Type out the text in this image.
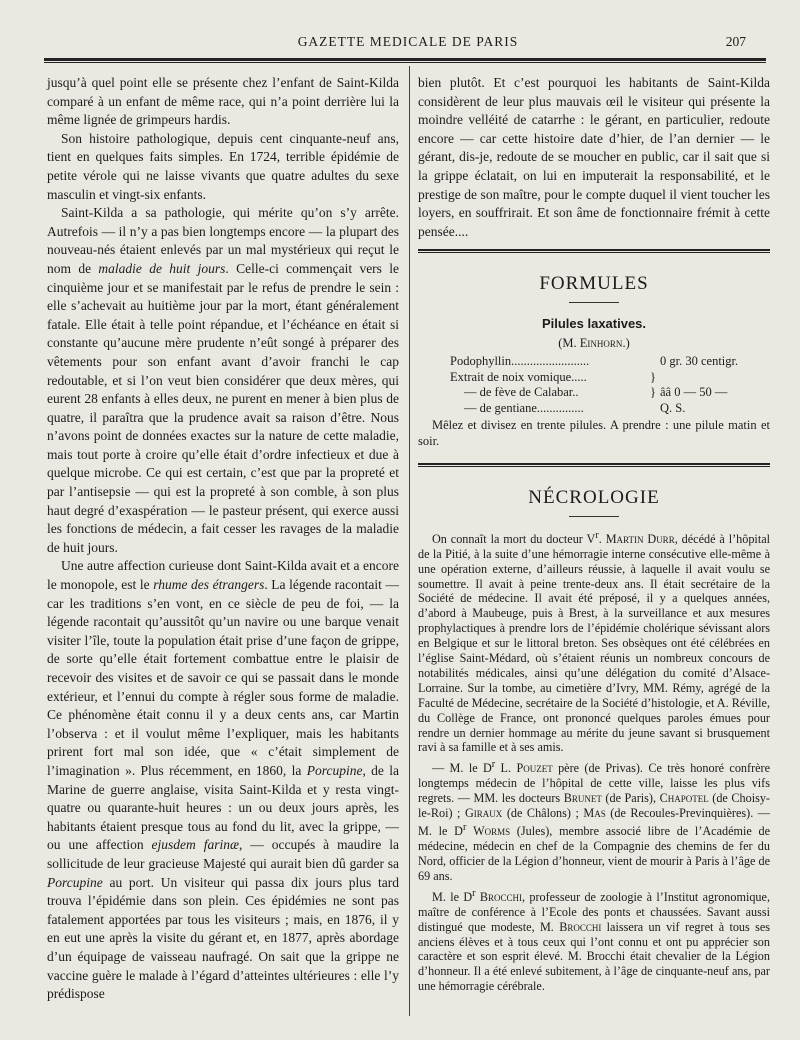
GAZETTE MEDICALE DE PARIS	207

jusqu’à quel point elle se présente chez l’enfant de Saint-Kilda comparé à un enfant de même race, qui n’a point derrière lui la même lignée de grimpeurs hardis.

Son histoire pathologique, depuis cent cinquante-neuf ans, tient en quelques faits simples. En 1724, terrible épidémie de petite vérole qui ne laisse vivants que quatre adultes du sexe masculin et vingt-six enfants.

Saint-Kilda a sa pathologie, qui mérite qu’on s’y arrête. Autrefois — il n’y a pas bien longtemps encore — la plupart des nouveau-nés étaient enlevés par un mal mystérieux qui reçut le nom de maladie de huit jours. Celle-ci commençait vers le cinquième jour et se manifestait par le refus de prendre le sein : elle s’achevait au huitième jour par la mort, étant généralement fatale. Elle était à telle point répandue, et l’échéance en était si constante qu’aucune mère prudente n’eût songé à préparer des vêtements pour son enfant avant d’avoir franchi le cap redoutable, et si l’on veut bien considérer que deux mères, qui eurent 28 enfants à elles deux, ne purent en mener à bien plus de quatre, il paraîtra que la prudence avait sa raison d’être. Nous n’avons point de données exactes sur la nature de cette maladie, mais tout porte à croire qu’elle était d’ordre infectieux et due à quelque microbe. Ce qui est certain, c’est que par la propreté et par l’antisepsie — qui est la propreté à son comble, à son plus haut degré d’exaspération — le pasteur présent, qui exerce aussi les fonctions de médecin, a fait cesser les ravages de la maladie de huit jours.

Une autre affection curieuse dont Saint-Kilda avait et a encore le monopole, est le rhume des étrangers. La légende racontait — car les traditions s’en vont, en ce siècle de peu de foi, — la légende racontait qu’aussitôt qu’un navire ou une barque venait visiter l’île, toute la population était prise d’une façon de grippe, de sorte qu’elle était fortement combattue entre le plaisir de recevoir des visites et de savoir ce qui se passait dans le monde extérieur, et l’ennui du compte à régler sous forme de maladie. Ce phénomène était connu il y a deux cents ans, car Martin l’observa : et il voulut même l’expliquer, mais les habitants prirent fort mal son idée, que « c’était simplement de l’imagination ». Plus récemment, en 1860, la Porcupine, de la Marine de guerre anglaise, visita Saint-Kilda et y resta vingt-quatre ou quarante-huit heures : un ou deux jours après, les habitants étaient presque tous au fond du lit, avec la grippe, — ou une affection ejusdem farinæ, — occupés à maudire la sollicitude de leur gracieuse Majesté qui aurait bien dû garder sa Porcupine au port. Un visiteur qui passa dix jours plus tard trouva l’épidémie dans son plein. Ces épidémies ne sont pas fatalement apportées par tous les visiteurs ; mais, en 1876, il y en eut une après la visite du gérant et, en 1877, après abordage d’un équipage de vaisseau naufragé. On sait que la grippe ne vaccine guère le malade à l’égard d’atteintes ultérieures : elle l’y prédispose

bien plutôt. Et c’est pourquoi les habitants de Saint-Kilda considèrent de leur plus mauvais œil le visiteur qui présente la moindre velléité de catarrhe : le gérant, en particulier, redoute encore — car cette histoire date d’hier, de l’an dernier — le gérant, dis-je, redoute de se moucher en public, car il sait que si la grippe éclatait, on lui en imputerait la responsabilité, et le prestige de son maître, pour le compte duquel il vient toucher les loyers, en souffrirait. Et son âme de fonctionnaire frémit à cette pensée....

FORMULES
Pilules laxatives.
(M. Einhorn.)
Podophyllin.........................	0 gr. 30 centigr.
Extrait de noix vomique.....	}
— de fève de Calabar..	} ââ 0 — 50 —
— de gentiane...............	Q. S.
Mêlez et divisez en trente pilules. A prendre : une pilule matin et soir.
NÉCROLOGIE

On connaît la mort du docteur $V^r$. Martin Durr, décédé à l’hôpital de la Pitié, à la suite d’une hémorragie interne consécutive elle-même à une opération externe, d’ailleurs réussie, à laquelle il avait voulu se soumettre. Il avait à peine trente-deux ans. Il était secrétaire de la Société de médecine. Il avait été préposé, il y a quelques années, d’abord à Maubeuge, puis à Brest, à la surveillance et aux mesures prophylactiques à prendre lors de l’épidémie cholérique sévissant alors en Belgique et sur le littoral breton. Ses obsèques ont été célébrées en l’église Saint-Médard, où s’étaient réunis un nombreux concours de notabilités médicales, ainsi qu’une délégation du comité d’Alsace-Lorraine. Sur la tombe, au cimetière d’Ivry, MM. Rémy, agrégé de la Faculté de Médecine, secrétaire de la Société d’histologie, et A. Réville, du Collège de France, ont prononcé quelques paroles émues pour rendre un dernier hommage au mérite du jeune savant si brusquement ravi à sa famille et à ses amis.

— M. le $D^r$ L. Pouzet père (de Privas). Ce très honoré confrère longtemps médecin de l’hôpital de cette ville, laisse les plus vifs regrets. — MM. les docteurs Brunet (de Paris), Chapotel (de Choisy-le-Roi) ; Giraux (de Châlons) ; Mas (de Recoules-Previnquières). — M. le $D^r$ Worms (Jules), membre associé libre de l’Académie de médecine, médecin en chef de la Compagnie des chemins de fer du Nord, officier de la Légion d’honneur, vient de mourir à Paris à l’âge de 69 ans.

M. le $D^r$ Brocchi, professeur de zoologie à l’Institut agronomique, maître de conférence à l’Ecole des ponts et chaussées. Savant aussi distingué que modeste, M. Brocchi laissera un vif regret à tous ses anciens élèves et à tous ceux qui l’ont connu et ont pu apprécier son caractère et son esprit élevé. M. Brocchi était chevalier de la Légion d’honneur. Il a été enlevé subitement, à l’âge de cinquante-neuf ans, par une hémorragie cérébrale.
